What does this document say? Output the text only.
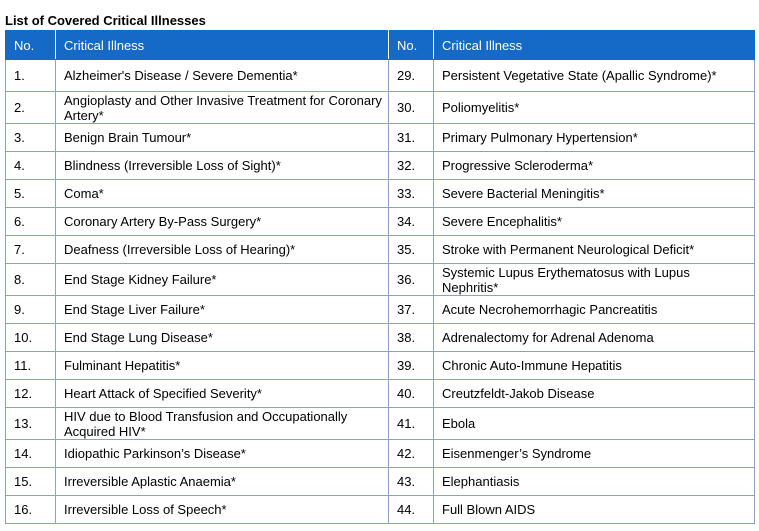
List of Covered Critical Illnesses
No.	Critical Illness	No.	Critical Illness
1.	Alzheimer's Disease / Severe Dementia*	29.	Persistent Vegetative State (Apallic Syndrome)*
2.	Angioplasty and Other Invasive Treatment for Coronary Artery*	30.	Poliomyelitis*
3.	Benign Brain Tumour*	31.	Primary Pulmonary Hypertension*
4.	Blindness (Irreversible Loss of Sight)*	32.	Progressive Scleroderma*
5.	Coma*	33.	Severe Bacterial Meningitis*
6.	Coronary Artery By-Pass Surgery*	34.	Severe Encephalitis*
7.	Deafness (Irreversible Loss of Hearing)*	35.	Stroke with Permanent Neurological Deficit*
8.	End Stage Kidney Failure*	36.	Systemic Lupus Erythematosus with Lupus Nephritis*
9.	End Stage Liver Failure*	37.	Acute Necrohemorrhagic Pancreatitis
10.	End Stage Lung Disease*	38.	Adrenalectomy for Adrenal Adenoma
11.	Fulminant Hepatitis*	39.	Chronic Auto-Immune Hepatitis
12.	Heart Attack of Specified Severity*	40.	Creutzfeldt-Jakob Disease
13.	HIV due to Blood Transfusion and Occupationally Acquired HIV*	41.	Ebola
14.	Idiopathic Parkinson’s Disease*	42.	Eisenmenger’s Syndrome
15.	Irreversible Aplastic Anaemia*	43.	Elephantiasis
16.	Irreversible Loss of Speech*	44.	Full Blown AIDS
